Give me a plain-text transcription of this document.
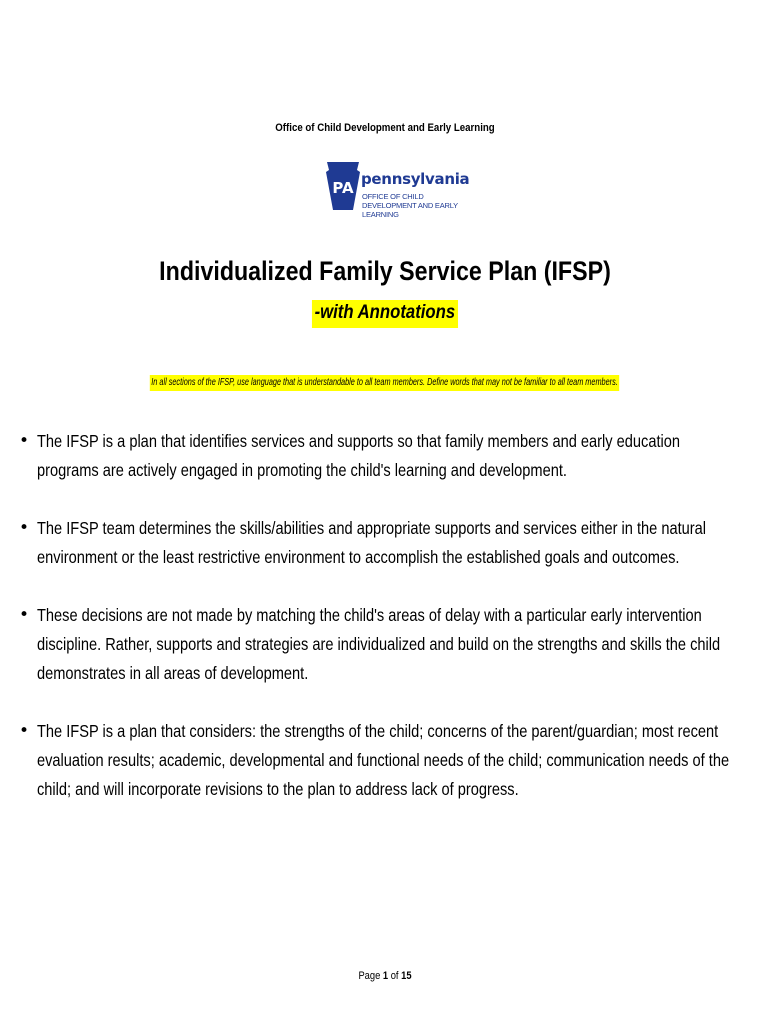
Office of Child Development and Early Learning
PA pennsylvania
OFFICE OF CHILD DEVELOPMENT AND EARLY LEARNING
Individualized Family Service Plan (IFSP)
-with Annotations
In all sections of the IFSP, use language that is understandable to all team members. Define words that may not be familiar to all team members.
• The IFSP is a plan that identifies services and supports so that family members and early education programs are actively engaged in promoting the child's learning and development.
• The IFSP team determines the skills/abilities and appropriate supports and services either in the natural environment or the least restrictive environment to accomplish the established goals and outcomes.
• These decisions are not made by matching the child's areas of delay with a particular early intervention discipline. Rather, supports and strategies are individualized and build on the strengths and skills the child demonstrates in all areas of development.
• The IFSP is a plan that considers: the strengths of the child; concerns of the parent/guardian; most recent evaluation results; academic, developmental and functional needs of the child; communication needs of the child; and will incorporate revisions to the plan to address lack of progress.
Page 1 of 15
